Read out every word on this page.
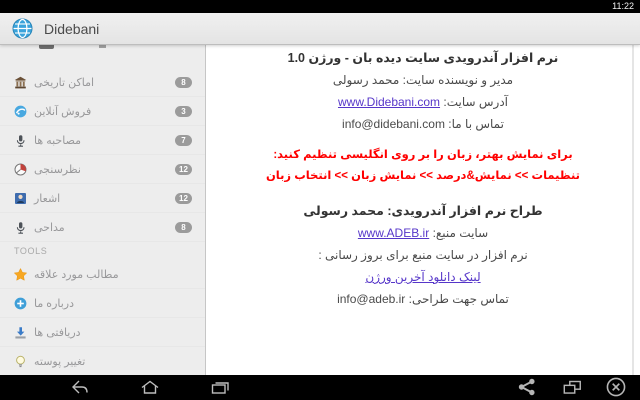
11:22
Didebani
اماکن تاریخی	8
فروش آنلاین	3
مصاحبه ها	7
نظرسنجی	12
اشعار	12
مداحی	8
TOOLS
مطالب مورد علاقه
درباره ما
دریافتی ها
تغییر پوسته
نرم افزار آندرویدی سایت دیده بان - ورژن 1.0
مدیر و نویسنده سایت: محمد رسولی
آدرس سایت: www.Didebani.com
تماس با ما: info@didebani.com
برای نمایش بهتر، زبان را بر روی انگلیسی تنظیم کنید:
تنظیمات >> نمایش&درصد >> نمایش زبان >> انتخاب زبان
طراح نرم افزار آندرویدی: محمد رسولی
سایت منبع: www.ADEB.ir
نرم افزار در سایت منبع برای بروز رسانی :
لینک دانلود آخرین ورژن
تماس جهت طراحی: info@adeb.ir
